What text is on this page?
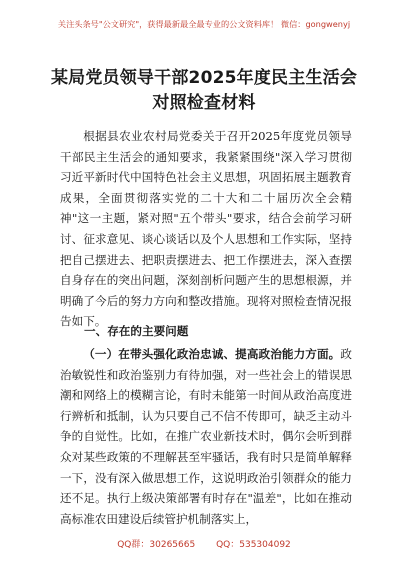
关注头条号"公文研究"，获得最新最全最专业的公文资料库！ 微信：gongwenyj
某局党员领导干部2025年度民主生活会
对照检查材料

根据县农业农村局党委关于召开2025年度党员领导干部民主生活会的通知要求，我紧紧围绕"深入学习贯彻习近平新时代中国特色社会主义思想，巩固拓展主题教育成果，全面贯彻落实党的二十大和二十届历次全会精神"这一主题，紧对照"五个带头"要求，结合会前学习研讨、征求意见、谈心谈话以及个人思想和工作实际，坚持把自己摆进去、把职责摆进去、把工作摆进去，深入查摆自身存在的突出问题，深刻剖析问题产生的思想根源，并明确了今后的努力方向和整改措施。现将对照检查情况报告如下。

一、存在的主要问题

（一）在带头强化政治忠诚、提高政治能力方面。政治敏锐性和政治鉴别力有待加强，对一些社会上的错误思潮和网络上的模糊言论，有时未能第一时间从政治高度进行辨析和抵制，认为只要自己不信不传即可，缺乏主动斗争的自觉性。比如，在推广农业新技术时，偶尔会听到群众对某些政策的不理解甚至牢骚话，我有时只是简单解释一下，没有深入做思想工作，这说明政治引领群众的能力还不足。执行上级决策部署有时存在"温差"，比如在推动高标准农田建设后续管护机制落实上，

QQ群：30265665 QQ：535304092
